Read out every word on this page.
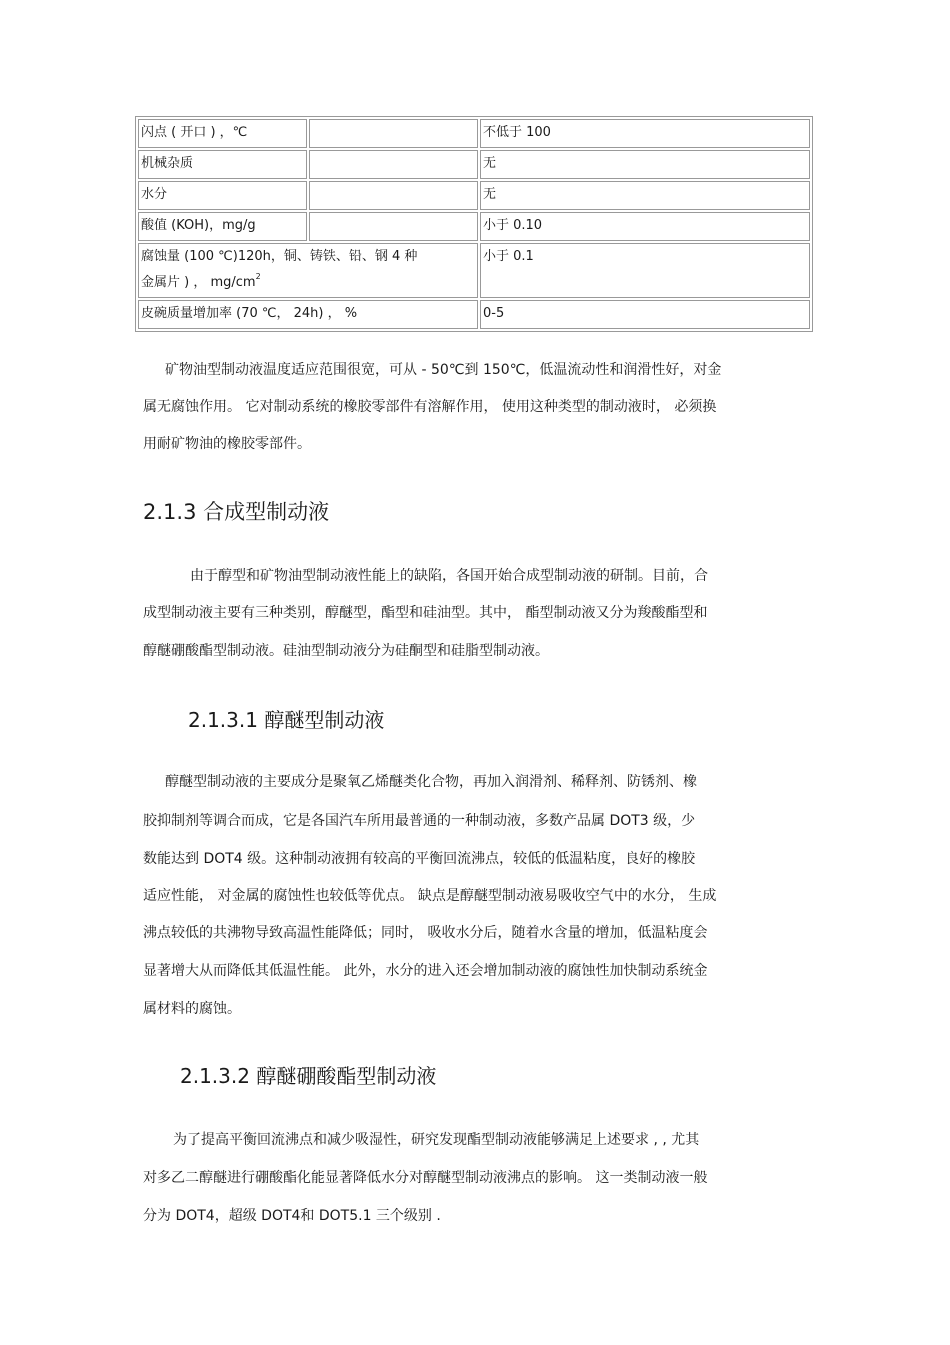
闪点 ( 开口 ) ，℃		不低于 100
机械杂质		无
水分		无
酸值 (KOH)，mg/g		小于 0.10
腐蚀量 (100 ℃)120h，铜、铸铁、铅、钢 4 种
金属片 ) ， $mg/cm^2$		小于 0.1
皮碗质量增加率 (70 ℃， 24h) ， %		0-5
矿物油型制动液温度适应范围很宽，可从 - 50℃到 150℃，低温流动性和润滑性好，对金
属无腐蚀作用。 它对制动系统的橡胶零部件有溶解作用， 使用这种类型的制动液时， 必须换
用耐矿物油的橡胶零部件。
2.1.3 合成型制动液
由于醇型和矿物油型制动液性能上的缺陷，各国开始合成型制动液的研制。目前，合
成型制动液主要有三种类别，醇醚型，酯型和硅油型。其中， 酯型制动液又分为羧酸酯型和
醇醚硼酸酯型制动液。硅油型制动液分为硅酮型和硅脂型制动液。
2.1.3.1 醇醚型制动液
醇醚型制动液的主要成分是聚氧乙烯醚类化合物，再加入润滑剂、稀释剂、防锈剂、橡
胶抑制剂等调合而成，它是各国汽车所用最普通的一种制动液，多数产品属 DOT3 级，少
数能达到 DOT4 级。这种制动液拥有较高的平衡回流沸点，较低的低温粘度，良好的橡胶
适应性能， 对金属的腐蚀性也较低等优点。 缺点是醇醚型制动液易吸收空气中的水分， 生成
沸点较低的共沸物导致高温性能降低；同时， 吸收水分后，随着水含量的增加，低温粘度会
显著增大从而降低其低温性能。 此外，水分的进入还会增加制动液的腐蚀性加快制动系统金
属材料的腐蚀。
2.1.3.2 醇醚硼酸酯型制动液
为了提高平衡回流沸点和减少吸湿性，研究发现酯型制动液能够满足上述要求 , , 尤其
对多乙二醇醚进行硼酸酯化能显著降低水分对醇醚型制动液沸点的影响。 这一类制动液一般
分为 DOT4，超级 DOT4和 DOT5.1 三个级别 .
